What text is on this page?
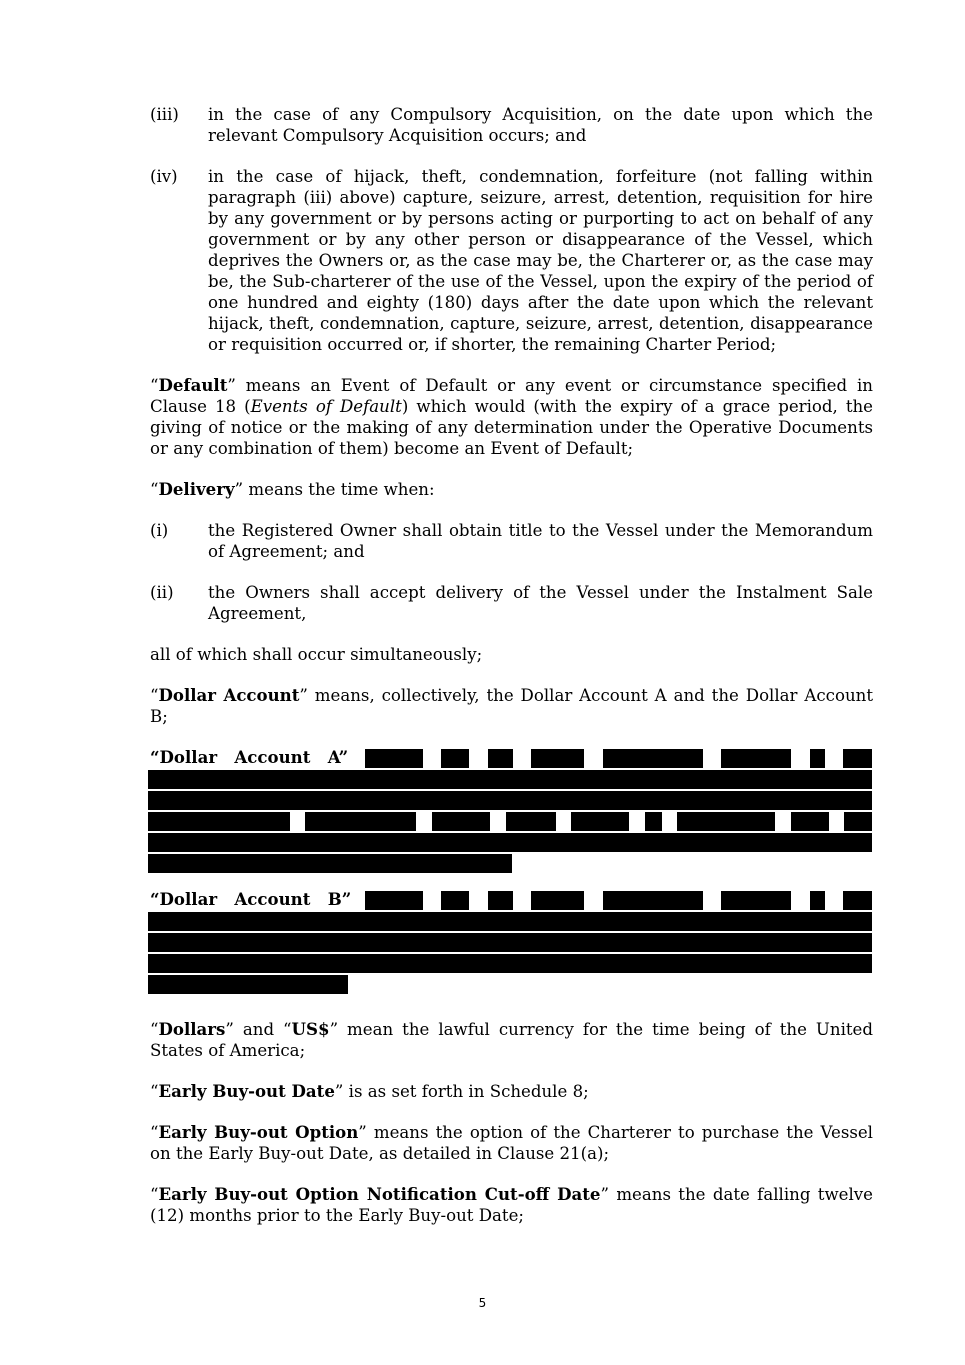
(iii)	in the case of any Compulsory Acquisition, on the date upon which the relevant Compulsory Acquisition occurs; and
(iv)	in the case of hijack, theft, condemnation, forfeiture (not falling within paragraph (iii) above) capture, seizure, arrest, detention, requisition for hire by any government or by persons acting or purporting to act on behalf of any government or by any other person or disappearance of the Vessel, which deprives the Owners or, as the case may be, the Charterer or, as the case may be, the Sub-charterer of the use of the Vessel, upon the expiry of the period of one hundred and eighty (180) days after the date upon which the relevant hijack, theft, condemnation, capture, seizure, arrest, detention, disappearance or requisition occurred or, if shorter, the remaining Charter Period;

“Default” means an Event of Default or any event or circumstance specified in Clause 18 (Events of Default) which would (with the expiry of a grace period, the giving of notice or the making of any determination under the Operative Documents or any combination of them) become an Event of Default;

“Delivery” means the time when:

(i)	the Registered Owner shall obtain title to the Vessel under the Memorandum of Agreement; and
(ii)	the Owners shall accept delivery of the Vessel under the Instalment Sale Agreement,

all of which shall occur simultaneously;

“Dollar Account” means, collectively, the Dollar Account A and the Dollar Account B;

“Dollar   Account   A”
“Dollar   Account   B”

“Dollars” and “US$” mean the lawful currency for the time being of the United States of America;

“Early Buy-out Date” is as set forth in Schedule 8;

“Early Buy-out Option” means the option of the Charterer to purchase the Vessel on the Early Buy-out Date, as detailed in Clause 21(a);

“Early Buy-out Option Notification Cut-off Date” means the date falling twelve (12) months prior to the Early Buy-out Date;

5
